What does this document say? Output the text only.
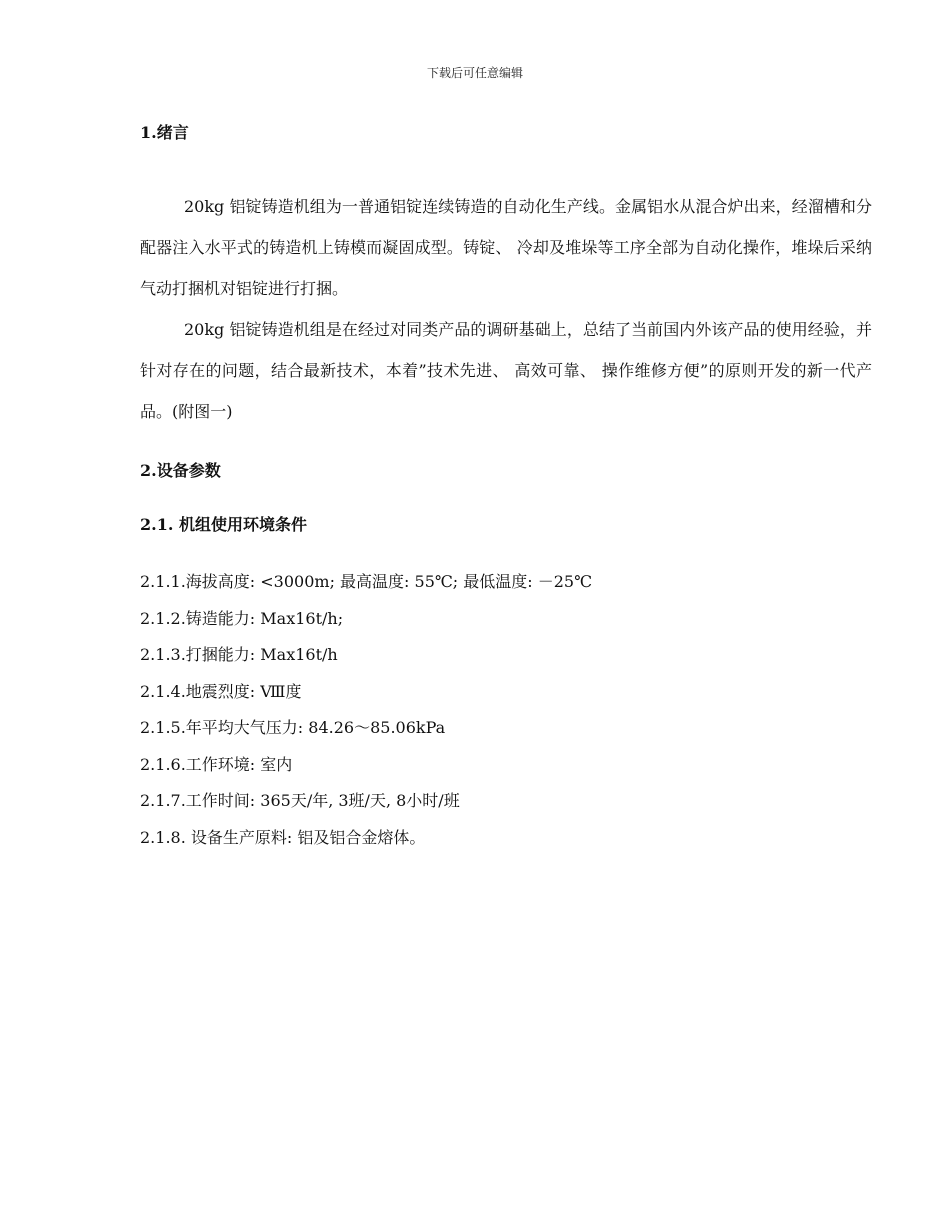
下载后可任意编辑

1.绪言

20kg 铝锭铸造机组为一普通铝锭连续铸造的自动化生产线。金属铝水从混合炉出来，经溜槽和分配器注入水平式的铸造机上铸模而凝固成型。铸锭、 冷却及堆垛等工序全部为自动化操作，堆垛后采纳气动打捆机对铝锭进行打捆。

20kg 铝锭铸造机组是在经过对同类产品的调研基础上，总结了当前国内外该产品的使用经验，并针对存在的问题，结合最新技术，本着”技术先进、 高效可靠、 操作维修方便”的原则开发的新一代产品。(附图一)

2.设备参数

2.1. 机组使用环境条件

2.1.1.海拔高度: <3000m; 最高温度: 55℃; 最低温度: －25℃

2.1.2.铸造能力: Max16t/h;

2.1.3.打捆能力: Max16t/h

2.1.4.地震烈度: Ⅷ度

2.1.5.年平均大气压力: 84.26～85.06kPa

2.1.6.工作环境: 室内

2.1.7.工作时间: 365天/年, 3班/天, 8小时/班

2.1.8. 设备生产原料: 铝及铝合金熔体。
